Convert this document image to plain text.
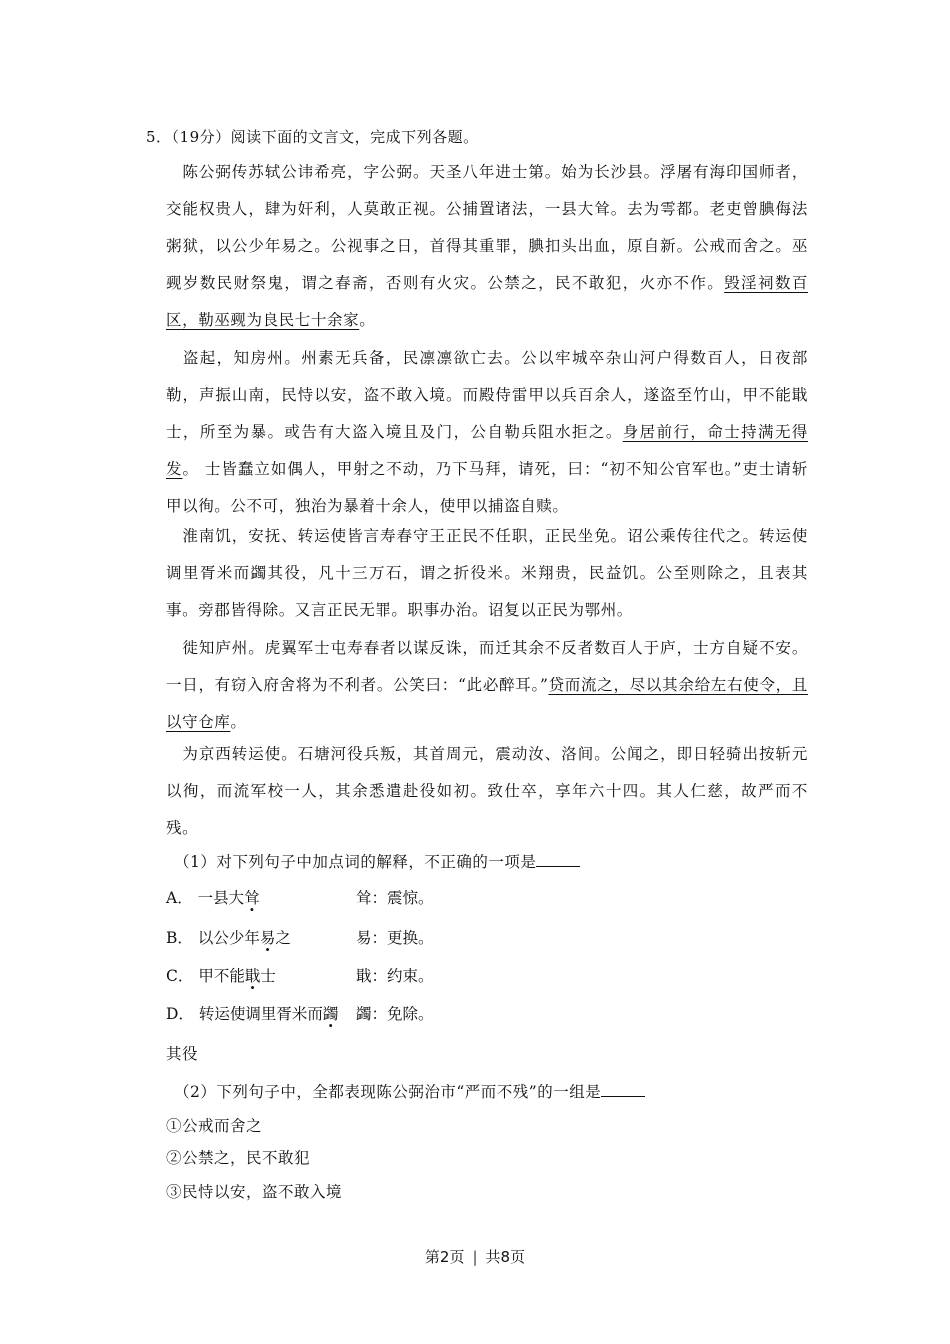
5．（19分）阅读下面的文言文，完成下列各题。
陈公弼传苏轼公讳希亮，字公弼。天圣八年进士第。始为长沙县。浮屠有海印国师者，交能权贵人，肆为奸利，人莫敢正视。公捕置诸法，一县大耸。去为雩都。老吏曾腆侮法粥狱，以公少年易之。公视事之日，首得其重罪，腆扣头出血，原自新。公戒而舍之。巫觋岁数民财祭鬼，谓之春斋，否则有火灾。公禁之，民不敢犯，火亦不作。毁淫祠数百区，勒巫觋为良民七十余家。
盗起，知房州。州素无兵备，民凛凛欲亡去。公以牢城卒杂山河户得数百人，日夜部勒，声振山南，民恃以安，盗不敢入境。而殿侍雷甲以兵百余人，遂盗至竹山，甲不能戢士，所至为暴。或告有大盗入境且及门，公自勒兵阻水拒之。身居前行，命士持满无得发。 士皆蠢立如偶人，甲射之不动，乃下马拜，请死，曰：“初不知公官军也。”吏士请斩甲以徇。公不可，独治为暴着十余人，使甲以捕盗自赎。
淮南饥，安抚、转运使皆言寿春守王正民不任职，正民坐免。诏公乘传往代之。转运使调里胥米而蠲其役，凡十三万石，谓之折役米。米翔贵，民益饥。公至则除之，且表其事。旁郡皆得除。又言正民无罪。职事办治。诏复以正民为鄂州。
徙知庐州。虎翼军士屯寿春者以谋反诛，而迁其余不反者数百人于庐，士方自疑不安。一日，有窃入府舍将为不利者。公笑曰：“此必醉耳。”贷而流之，尽以其余给左右使令，且以守仓库。
为京西转运使。石塘河役兵叛，其首周元，震动汝、洛间。公闻之，即日轻骑出按斩元以徇，而流军校一人，其余悉遣赴役如初。致仕卒，享年六十四。其人仁慈，故严而不残。
（1）对下列句子中加点词的解释，不正确的一项是
A． 一县大耸	耸：震惊。
B． 以公少年易之	易：更换。
C． 甲不能戢士	戢：约束。
D． 转运使调里胥米而蠲 蠲：免除。
其役
（2）下列句子中，全都表现陈公弼治市“严而不残”的一组是
①公戒而舍之
②公禁之，民不敢犯
③民恃以安，盗不敢入境
第2页 | 共8页
